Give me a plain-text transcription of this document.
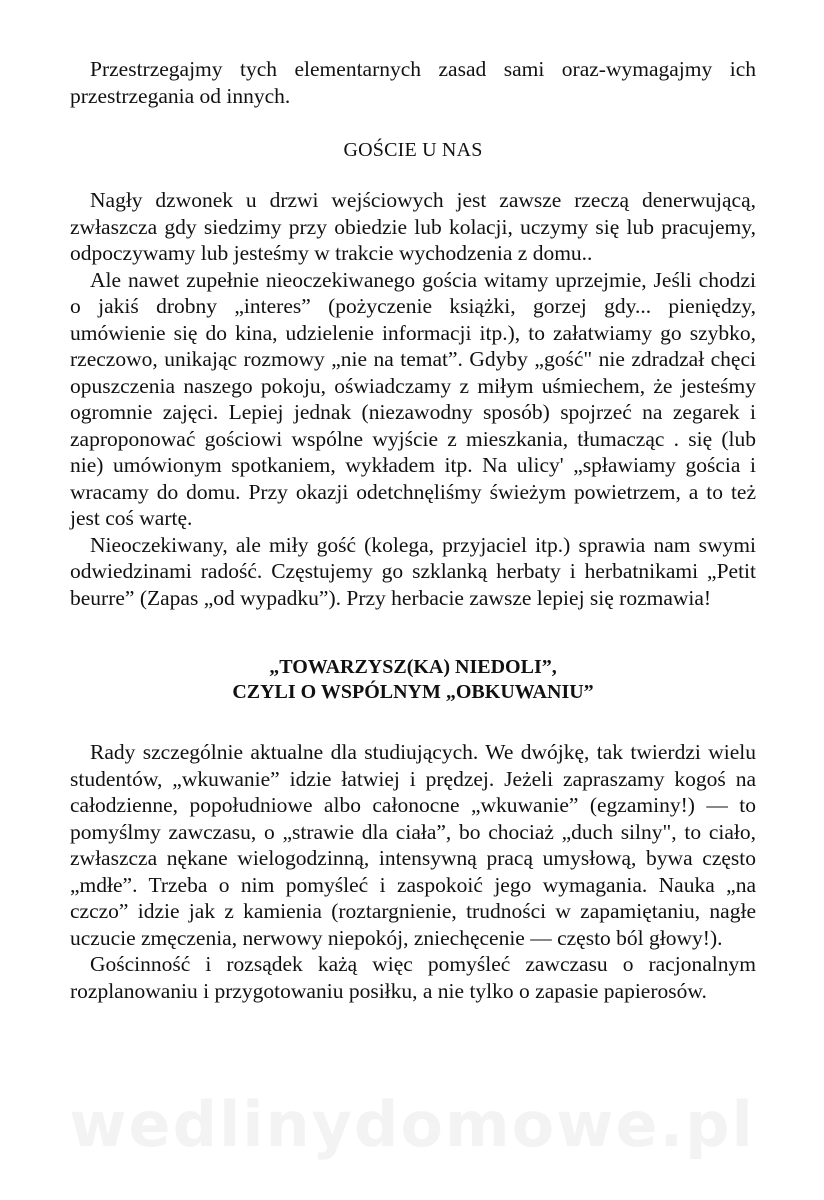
Przestrzegajmy tych elementarnych zasad sami oraz-wymagajmy ich przestrzegania od innych.

GOŚCIE U NAS

Nagły dzwonek u drzwi wejściowych jest zawsze rzeczą denerwującą, zwłaszcza gdy siedzimy przy obiedzie lub kolacji, uczymy się lub pracujemy, odpoczywamy lub jesteśmy w trakcie wychodzenia z domu..

Ale nawet zupełnie nieoczekiwanego gościa witamy uprzejmie, Jeśli chodzi o jakiś drobny „interes” (pożyczenie książki, gorzej gdy... pieniędzy, umówienie się do kina, udzielenie informacji itp.), to załatwiamy go szybko, rzeczowo, unikając rozmowy „nie na temat”. Gdyby „gość" nie zdradzał chęci opuszczenia naszego pokoju, oświadczamy z miłym uśmiechem, że jesteśmy ogromnie zajęci. Lepiej jednak (niezawodny sposób) spojrzeć na zegarek i zaproponować gościowi wspólne wyjście z mieszkania, tłumacząc . się (lub nie) umówionym spotkaniem, wykładem itp. Na ulicy' „spławiamy gościa i wracamy do domu. Przy okazji odetchnęliśmy świeżym powietrzem, a to też jest coś wartę.

Nieoczekiwany, ale miły gość (kolega, przyjaciel itp.) sprawia nam swymi odwiedzinami radość. Częstujemy go szklanką herbaty i herbatnikami „Petit beurre” (Zapas „od wypadku”). Przy herbacie zawsze lepiej się rozmawia!

„TOWARZYSZ(KA) NIEDOLI”,
CZYLI O WSPÓLNYM „OBKUWANIU”

Rady szczególnie aktualne dla studiujących. We dwójkę, tak twierdzi wielu studentów, „wkuwanie” idzie łatwiej i prędzej. Jeżeli zapraszamy kogoś na całodzienne, popołudniowe albo całonocne „wkuwanie” (egzaminy!) — to pomyślmy zawczasu, o „strawie dla ciała”, bo chociaż „duch silny", to ciało, zwłaszcza nękane wielogodzinną, intensywną pracą umysłową, bywa często „mdłe”. Trzeba o nim pomyśleć i zaspokoić jego wymagania. Nauka „na czczo” idzie jak z kamienia (roztargnienie, trudności w zapamiętaniu, nagłe uczucie zmęczenia, nerwowy niepokój, zniechęcenie — często ból głowy!).

Gościnność i rozsądek każą więc pomyśleć zawczasu o racjonalnym rozplanowaniu i przygotowaniu posiłku, a nie tylko o zapasie papierosów.

wedlinydomowe.pl
